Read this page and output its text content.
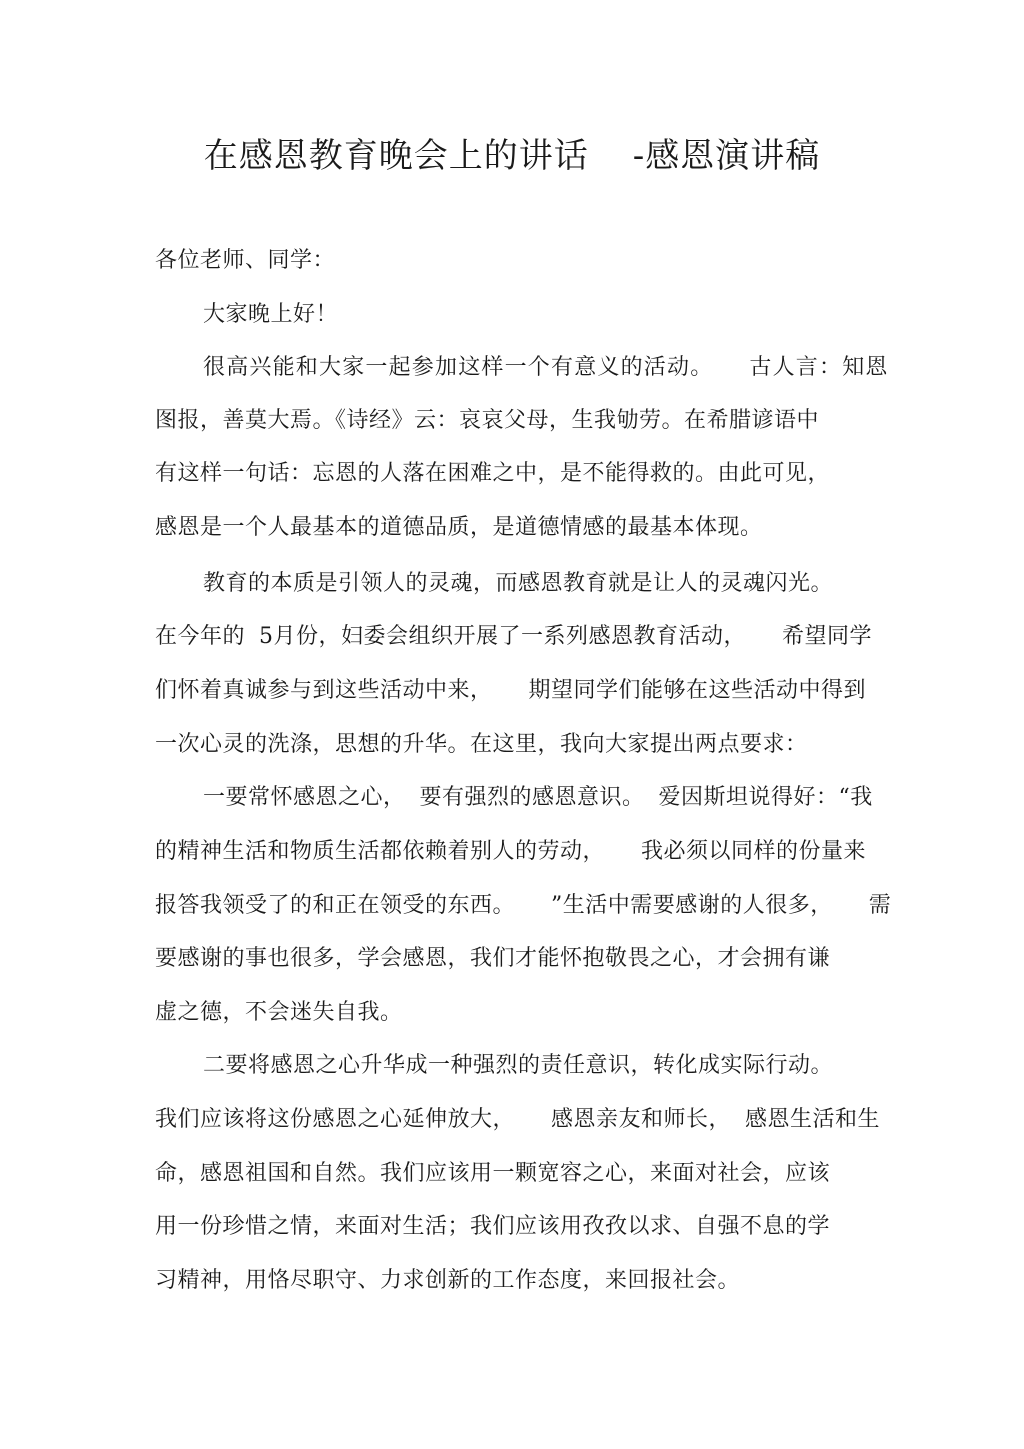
在感恩教育晚会上的讲话 -感恩演讲稿
各位老师、同学：
大家晚上好！
很高兴能和大家一起参加这样一个有意义的活动。 古人言：知恩
图报，善莫大焉。《诗经》云：哀哀父母，生我劬劳。在希腊谚语中
有这样一句话：忘恩的人落在困难之中，是不能得救的。由此可见，
感恩是一个人最基本的道德品质，是道德情感的最基本体现。
教育的本质是引领人的灵魂，而感恩教育就是让人的灵魂闪光。
在今年的 5月份，妇委会组织开展了一系列感恩教育活动， 希望同学
们怀着真诚参与到这些活动中来， 期望同学们能够在这些活动中得到
一次心灵的洗涤，思想的升华。在这里，我向大家提出两点要求：
一要常怀感恩之心， 要有强烈的感恩意识。 爱因斯坦说得好：“我
的精神生活和物质生活都依赖着别人的劳动， 我必须以同样的份量来
报答我领受了的和正在领受的东西。 ”生活中需要感谢的人很多， 需
要感谢的事也很多，学会感恩，我们才能怀抱敬畏之心，才会拥有谦
虚之德，不会迷失自我。
二要将感恩之心升华成一种强烈的责任意识，转化成实际行动。
我们应该将这份感恩之心延伸放大， 感恩亲友和师长， 感恩生活和生
命，感恩祖国和自然。我们应该用一颗宽容之心，来面对社会，应该
用一份珍惜之情，来面对生活；我们应该用孜孜以求、自强不息的学
习精神，用恪尽职守、力求创新的工作态度，来回报社会。
